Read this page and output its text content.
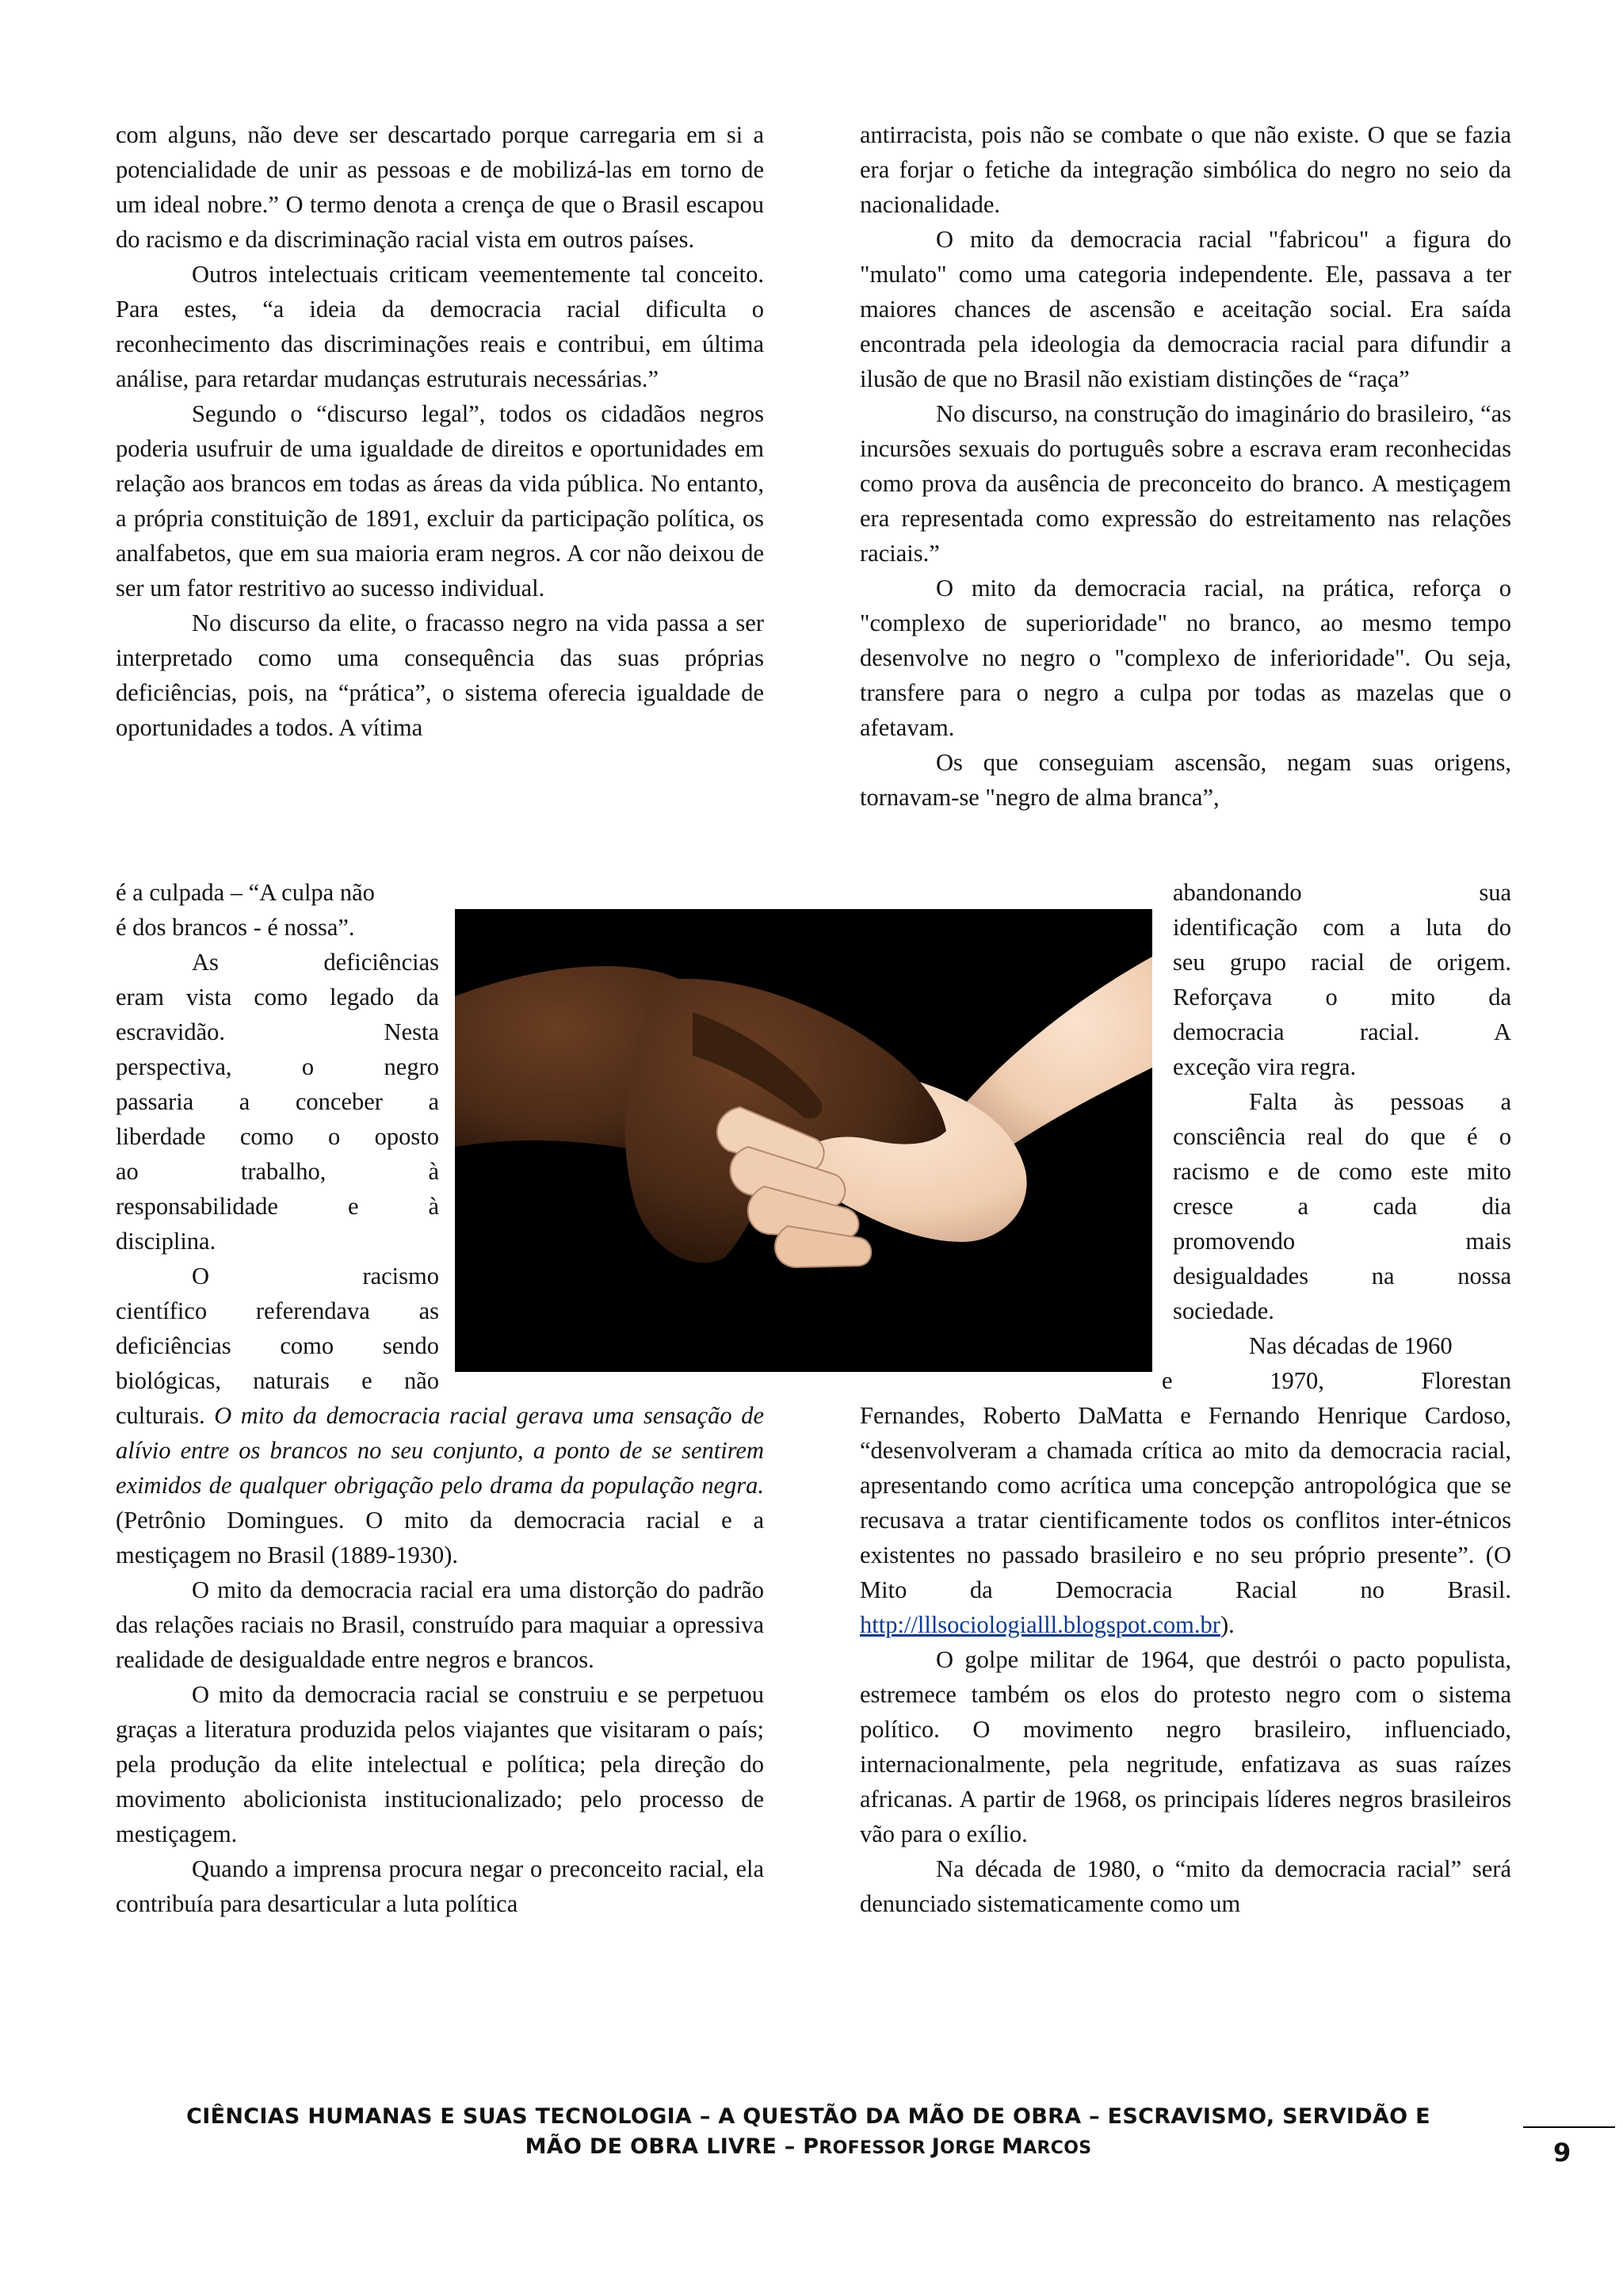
com alguns, não deve ser descartado porque carregaria em si a potencialidade de unir as pessoas e de mobilizá-las em torno de um ideal nobre.” O termo denota a crença de que o Brasil escapou do racismo e da discriminação racial vista em outros países.

Outros intelectuais criticam veementemente tal conceito. Para estes, “a ideia da democracia racial dificulta o reconhecimento das discriminações reais e contribui, em última análise, para retardar mudanças estruturais necessárias.”

Segundo o “discurso legal”, todos os cidadãos negros poderia usufruir de uma igualdade de direitos e oportunidades em relação aos brancos em todas as áreas da vida pública. No entanto, a própria constituição de 1891, excluir da participação política, os analfabetos, que em sua maioria eram negros. A cor não deixou de ser um fator restritivo ao sucesso individual.

No discurso da elite, o fracasso negro na vida passa a ser interpretado como uma consequência das suas próprias deficiências, pois, na “prática”, o sistema oferecia igualdade de oportunidades a todos. A vítima

é a culpada – “A culpa não
é dos brancos - é nossa”.
As deficiências
eram vista como legado da
escravidão. Nesta
perspectiva, o negro
passaria a conceber a
liberdade como o oposto
ao trabalho, à
responsabilidade e à
disciplina.
O racismo
científico referendava as
deficiências como sendo
biológicas, naturais e não

culturais. O mito da democracia racial gerava uma sensação de alívio entre os brancos no seu conjunto, a ponto de se sentirem eximidos de qualquer obrigação pelo drama da população negra. (Petrônio Domingues. O mito da democracia racial e a mestiçagem no Brasil (1889-1930).

O mito da democracia racial era uma distorção do padrão das relações raciais no Brasil, construído para maquiar a opressiva realidade de desigualdade entre negros e brancos.

O mito da democracia racial se construiu e se perpetuou graças a literatura produzida pelos viajantes que visitaram o país; pela produção da elite intelectual e política; pela direção do movimento abolicionista institucionalizado; pelo processo de mestiçagem.

Quando a imprensa procura negar o preconceito racial, ela contribuía para desarticular a luta política

antirracista, pois não se combate o que não existe. O que se fazia era forjar o fetiche da integração simbólica do negro no seio da nacionalidade.

O mito da democracia racial "fabricou" a figura do "mulato" como uma categoria independente. Ele, passava a ter maiores chances de ascensão e aceitação social. Era saída encontrada pela ideologia da democracia racial para difundir a ilusão de que no Brasil não existiam distinções de “raça”

No discurso, na construção do imaginário do brasileiro, “as incursões sexuais do português sobre a escrava eram reconhecidas como prova da ausência de preconceito do branco. A mestiçagem era representada como expressão do estreitamento nas relações raciais.”

O mito da democracia racial, na prática, reforça o "complexo de superioridade" no branco, ao mesmo tempo desenvolve no negro o "complexo de inferioridade". Ou seja, transfere para o negro a culpa por todas as mazelas que o afetavam.

Os que conseguiam ascensão, negam suas origens, tornavam-se "negro de alma branca”,

abandonando sua
identificação com a luta do
seu grupo racial de origem.
Reforçava o mito da
democracia racial. A
exceção vira regra.
Falta às pessoas a
consciência real do que é o
racismo e de como este mito
cresce a cada dia
promovendo mais
desigualdades na nossa
sociedade.
Nas décadas de 1960
e 1970, Florestan

Fernandes, Roberto DaMatta e Fernando Henrique Cardoso, “desenvolveram a chamada crítica ao mito da democracia racial, apresentando como acrítica uma concepção antropológica que se recusava a tratar cientificamente todos os conflitos inter-étnicos existentes no passado brasileiro e no seu próprio presente”. (O Mito da Democracia Racial no Brasil. http://lllsociologialll.blogspot.com.br).

O golpe militar de 1964, que destrói o pacto populista, estremece também os elos do protesto negro com o sistema político. O movimento negro brasileiro, influenciado, internacionalmente, pela negritude, enfatizava as suas raízes africanas. A partir de 1968, os principais líderes negros brasileiros vão para o exílio.

Na década de 1980, o “mito da democracia racial” será denunciado sistematicamente como um

CIÊNCIAS HUMANAS E SUAS TECNOLOGIA – A QUESTÃO DA MÃO DE OBRA – ESCRAVISMO, SERVIDÃO E
MÃO DE OBRA LIVRE – PROFESSOR JORGE MARCOS	9
